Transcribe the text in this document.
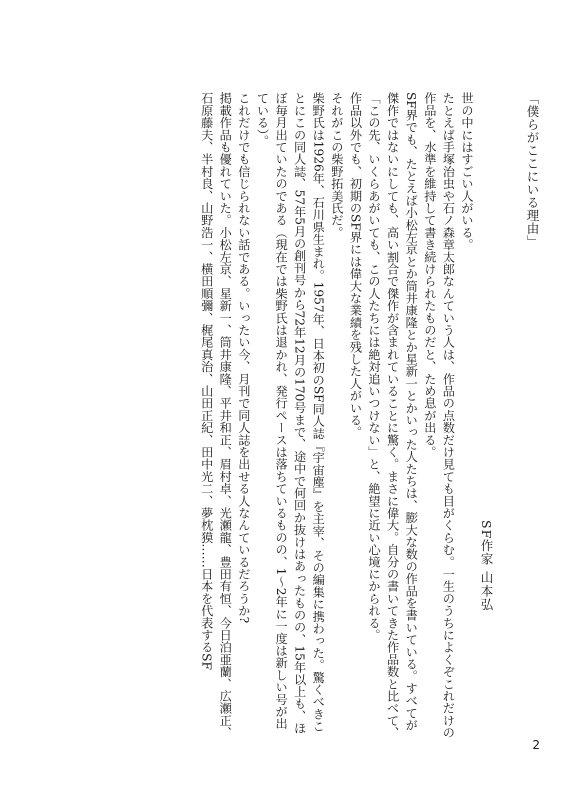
「僕らがここにいる理由」
SF作家 山本弘

世の中にはすごい人がいる。

たとえば手塚治虫や石ノ森章太郎なんていう人は、作品の点数だけ見ても目がくらむ。一生のうちによくぞこれだけの作品を、水準を維持して書き続けられたものだと、ため息が出る。

SF界でも、たとえば小松左京とか筒井康隆とか星新一とかいった人たちは、膨大な数の作品を書いている。すべてが傑作ではないにしても、高い割合で傑作が含まれていることに驚く。まさに偉大。自分の書いてきた作品数と比べて、「この先、いくらあがいても、この人たちには絶対追いつけない」と、絶望に近い心境にかられる。

作品以外でも、初期のSF界には偉大な業績を残した人がいる。

それがこの柴野拓美氏だ。

柴野氏は1926年、石川県生まれ。1957年、日本初のSF同人誌『宇宙塵』を主宰、その編集に携わった。驚くべきことにこの同人誌、57年5月の創刊号から72年12月の170号まで、途中で何回か抜けはあったものの、15年以上も、ほぼ毎月出ていたのである（現在では柴野氏は退かれ、発行ペースは落ちているものの、1〜2年に一度は新しい号が出ている）。

これだけでも信じられない話である。いったい今、月刊で同人誌を出せる人なんているだろうか?

掲載作品も優れていた。小松左京、星新一、筒井康隆、平井和正、眉村卓、光瀬龍、豊田有恒、今日泊亜蘭、広瀬正、石原藤夫、半村良、山野浩一、横田順彌、梶尾真治、山田正紀、田中光二、夢枕獏……日本を代表するSF

2
